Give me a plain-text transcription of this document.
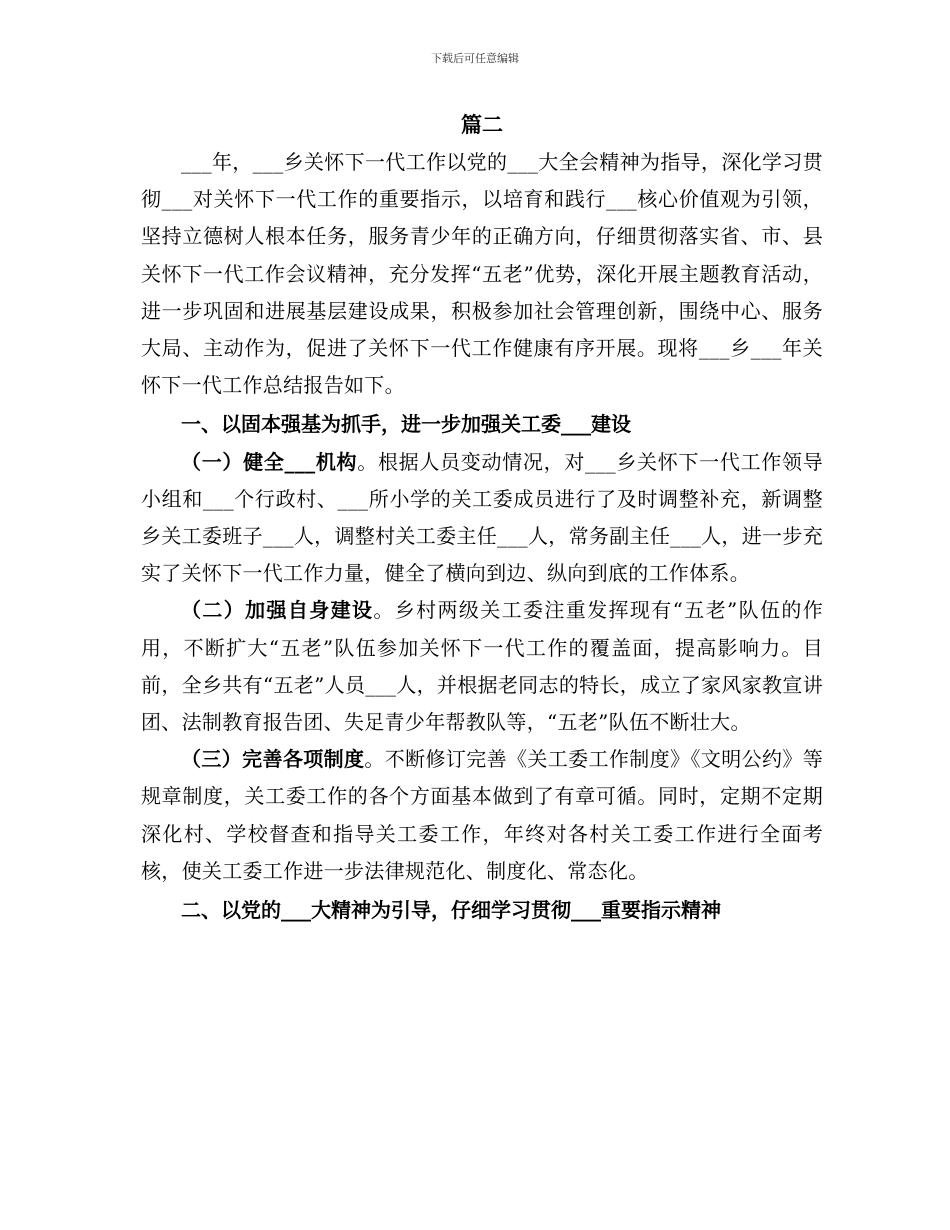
下载后可任意编辑
篇二

___年，___乡关怀下一代工作以党的___大全会精神为指导，深化学习贯彻___对关怀下一代工作的重要指示，以培育和践行___核心价值观为引领，坚持立德树人根本任务，服务青少年的正确方向，仔细贯彻落实省、市、县关怀下一代工作会议精神，充分发挥“五老”优势，深化开展主题教育活动，进一步巩固和进展基层建设成果，积极参加社会管理创新，围绕中心、服务大局、主动作为，促进了关怀下一代工作健康有序开展。现将___乡___年关怀下一代工作总结报告如下。

一、以固本强基为抓手，进一步加强关工委___建设

（一）健全___机构。根据人员变动情况，对___乡关怀下一代工作领导小组和___个行政村、___所小学的关工委成员进行了及时调整补充，新调整乡关工委班子___人，调整村关工委主任___人，常务副主任___人，进一步充实了关怀下一代工作力量，健全了横向到边、纵向到底的工作体系。

（二）加强自身建设。乡村两级关工委注重发挥现有“五老”队伍的作用，不断扩大“五老”队伍参加关怀下一代工作的覆盖面，提高影响力。目前，全乡共有“五老”人员___人，并根据老同志的特长，成立了家风家教宣讲团、法制教育报告团、失足青少年帮教队等，“五老”队伍不断壮大。

（三）完善各项制度。不断修订完善《关工委工作制度》《文明公约》等规章制度，关工委工作的各个方面基本做到了有章可循。同时，定期不定期深化村、学校督查和指导关工委工作，年终对各村关工委工作进行全面考核，使关工委工作进一步法律规范化、制度化、常态化。

二、以党的___大精神为引导，仔细学习贯彻___重要指示精神
